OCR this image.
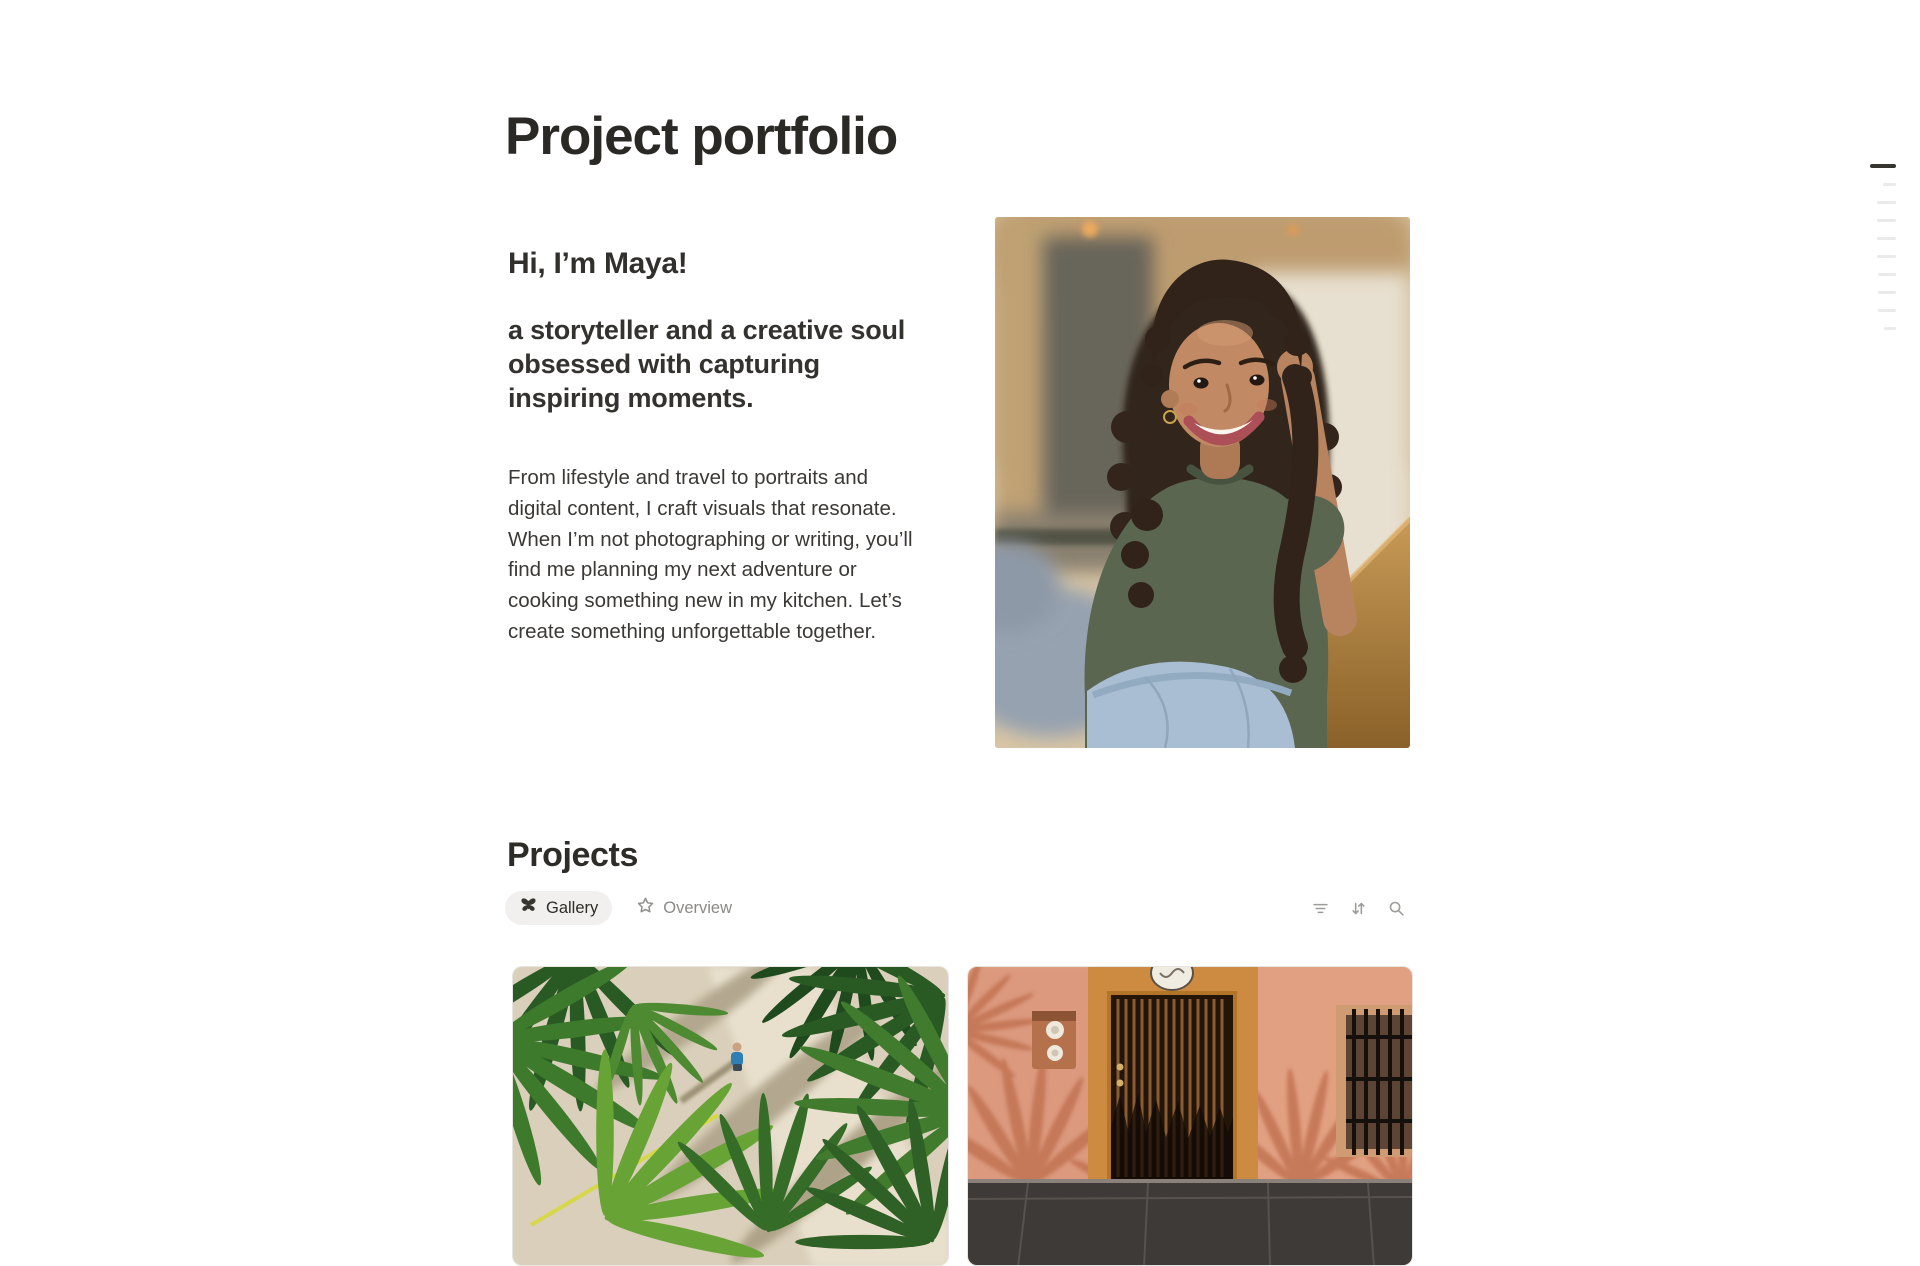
Project portfolio
Hi, I’m Maya!
a storyteller and a creative soul obsessed with capturing inspiring moments.
From lifestyle and travel to portraits and digital content, I craft visuals that resonate. When I’m not photographing or writing, you’ll find me planning my next adventure or cooking something new in my kitchen. Let’s create something unforgettable together.
Projects
Gallery	Overview
